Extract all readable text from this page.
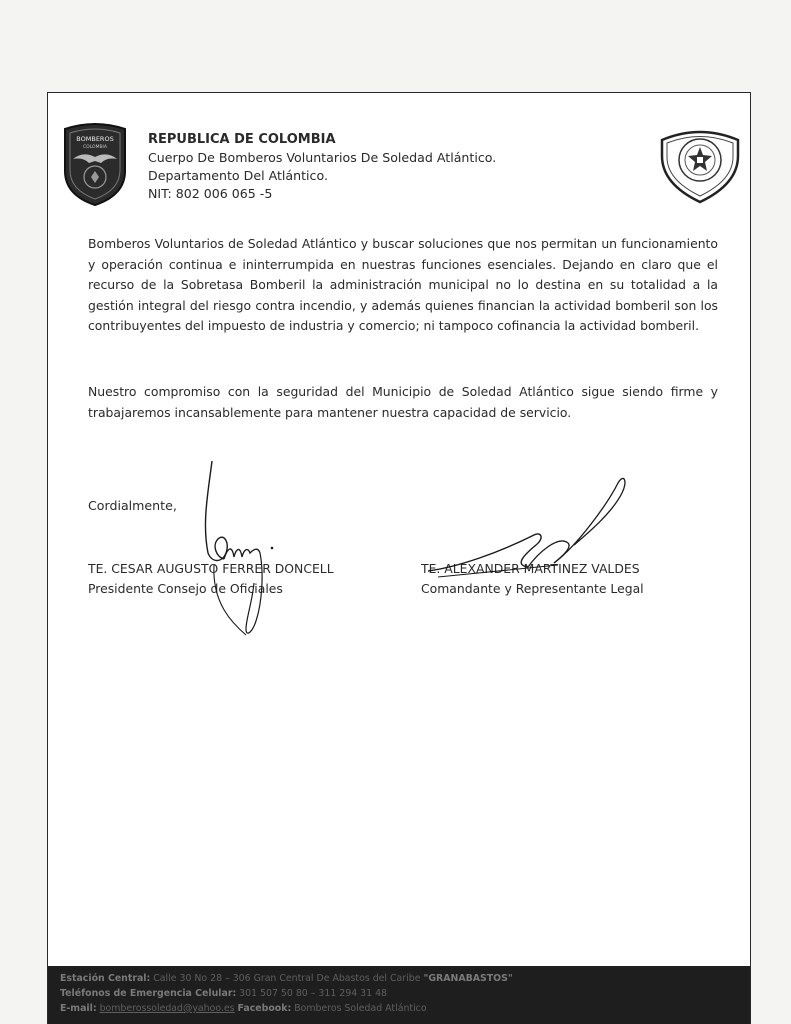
BOMBEROS
COLOMBIA
REPUBLICA DE COLOMBIA
Cuerpo De Bomberos Voluntarios De Soledad Atlántico.
Departamento Del Atlántico.
NIT: 802 006 065 -5

Bomberos Voluntarios de Soledad Atlántico y buscar soluciones que nos permitan un funcionamiento y operación continua e ininterrumpida en nuestras funciones esenciales. Dejando en claro que el recurso de la Sobretasa Bomberil la administración municipal no lo destina en su totalidad a la gestión integral del riesgo contra incendio, y además quienes financian la actividad bomberil son los contribuyentes del impuesto de industria y comercio; ni tampoco cofinancia la actividad bomberil.

Nuestro compromiso con la seguridad del Municipio de Soledad Atlántico sigue siendo firme y trabajaremos incansablemente para mantener nuestra capacidad de servicio.

Cordialmente,
TE. CESAR AUGUSTO FERRER DONCELL
Presidente Consejo de Oficiales
TE. ALEXANDER MARTINEZ VALDES
Comandante y Representante Legal
Estación Central: Calle 30 No 28 – 306 Gran Central De Abastos del Caribe "GRANABASTOS"
Teléfonos de Emergencia Celular: 301 507 50 80 – 311 294 31 48
E-mail: bomberossoledad@yahoo.es Facebook: Bomberos Soledad Atlántico
